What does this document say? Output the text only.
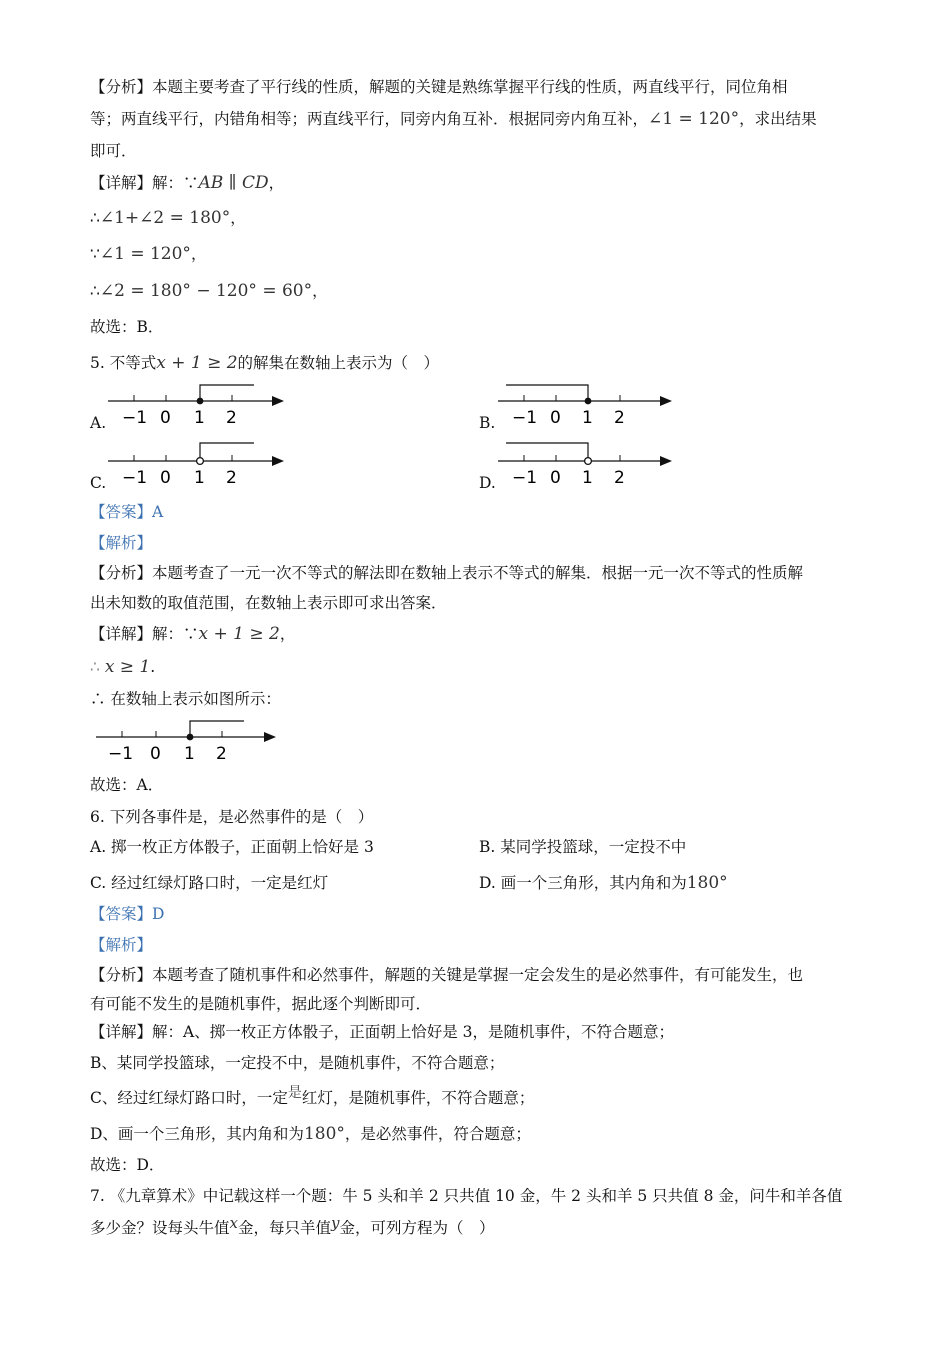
【分析】本题主要考查了平行线的性质，解题的关键是熟练掌握平行线的性质，两直线平行，同位角相
等；两直线平行，内错角相等；两直线平行，同旁内角互补．根据同旁内角互补，∠1 = 120°，求出结果
即可．
【详解】解：∵AB ∥ CD，
∴∠1+∠2 = 180°，
∵∠1 = 120°，
∴∠2 = 180° − 120° = 60°，
故选：B．
5. 不等式x + 1 ≥ 2的解集在数轴上表示为（　）
A. −1 0 1 2	B. −1 0 1 2
C. −1 0 1 2	D. −1 0 1 2
【答案】A
【解析】
【分析】本题考查了一元一次不等式的解法即在数轴上表示不等式的解集．根据一元一次不等式的性质解
出未知数的取值范围，在数轴上表示即可求出答案．
【详解】解：∵x + 1 ≥ 2，
∴ x ≥ 1.
∴ 在数轴上表示如图所示：
−1 0 1 2
故选：A．
6. 下列各事件是，是必然事件的是（　）
A. 掷一枚正方体骰子，正面朝上恰好是 3	B. 某同学投篮球，一定投不中
C. 经过红绿灯路口时，一定是红灯	D. 画一个三角形，其内角和为180°
【答案】D
【解析】
【分析】本题考查了随机事件和必然事件，解题的关键是掌握一定会发生的是必然事件，有可能发生，也
有可能不发生的是随机事件，据此逐个判断即可．
【详解】解：A、掷一枚正方体骰子，正面朝上恰好是 3，是随机事件，不符合题意；
B、某同学投篮球，一定投不中，是随机事件，不符合题意；
C、经过红绿灯路口时，一定是红灯，是随机事件，不符合题意；
D、画一个三角形，其内角和为180°，是必然事件，符合题意；
故选：D．
7. 《九章算术》中记载这样一个题：牛 5 头和羊 2 只共值 10 金，牛 2 头和羊 5 只共值 8 金，问牛和羊各值
多少金？设每头牛值x金，每只羊值y金，可列方程为（　）
